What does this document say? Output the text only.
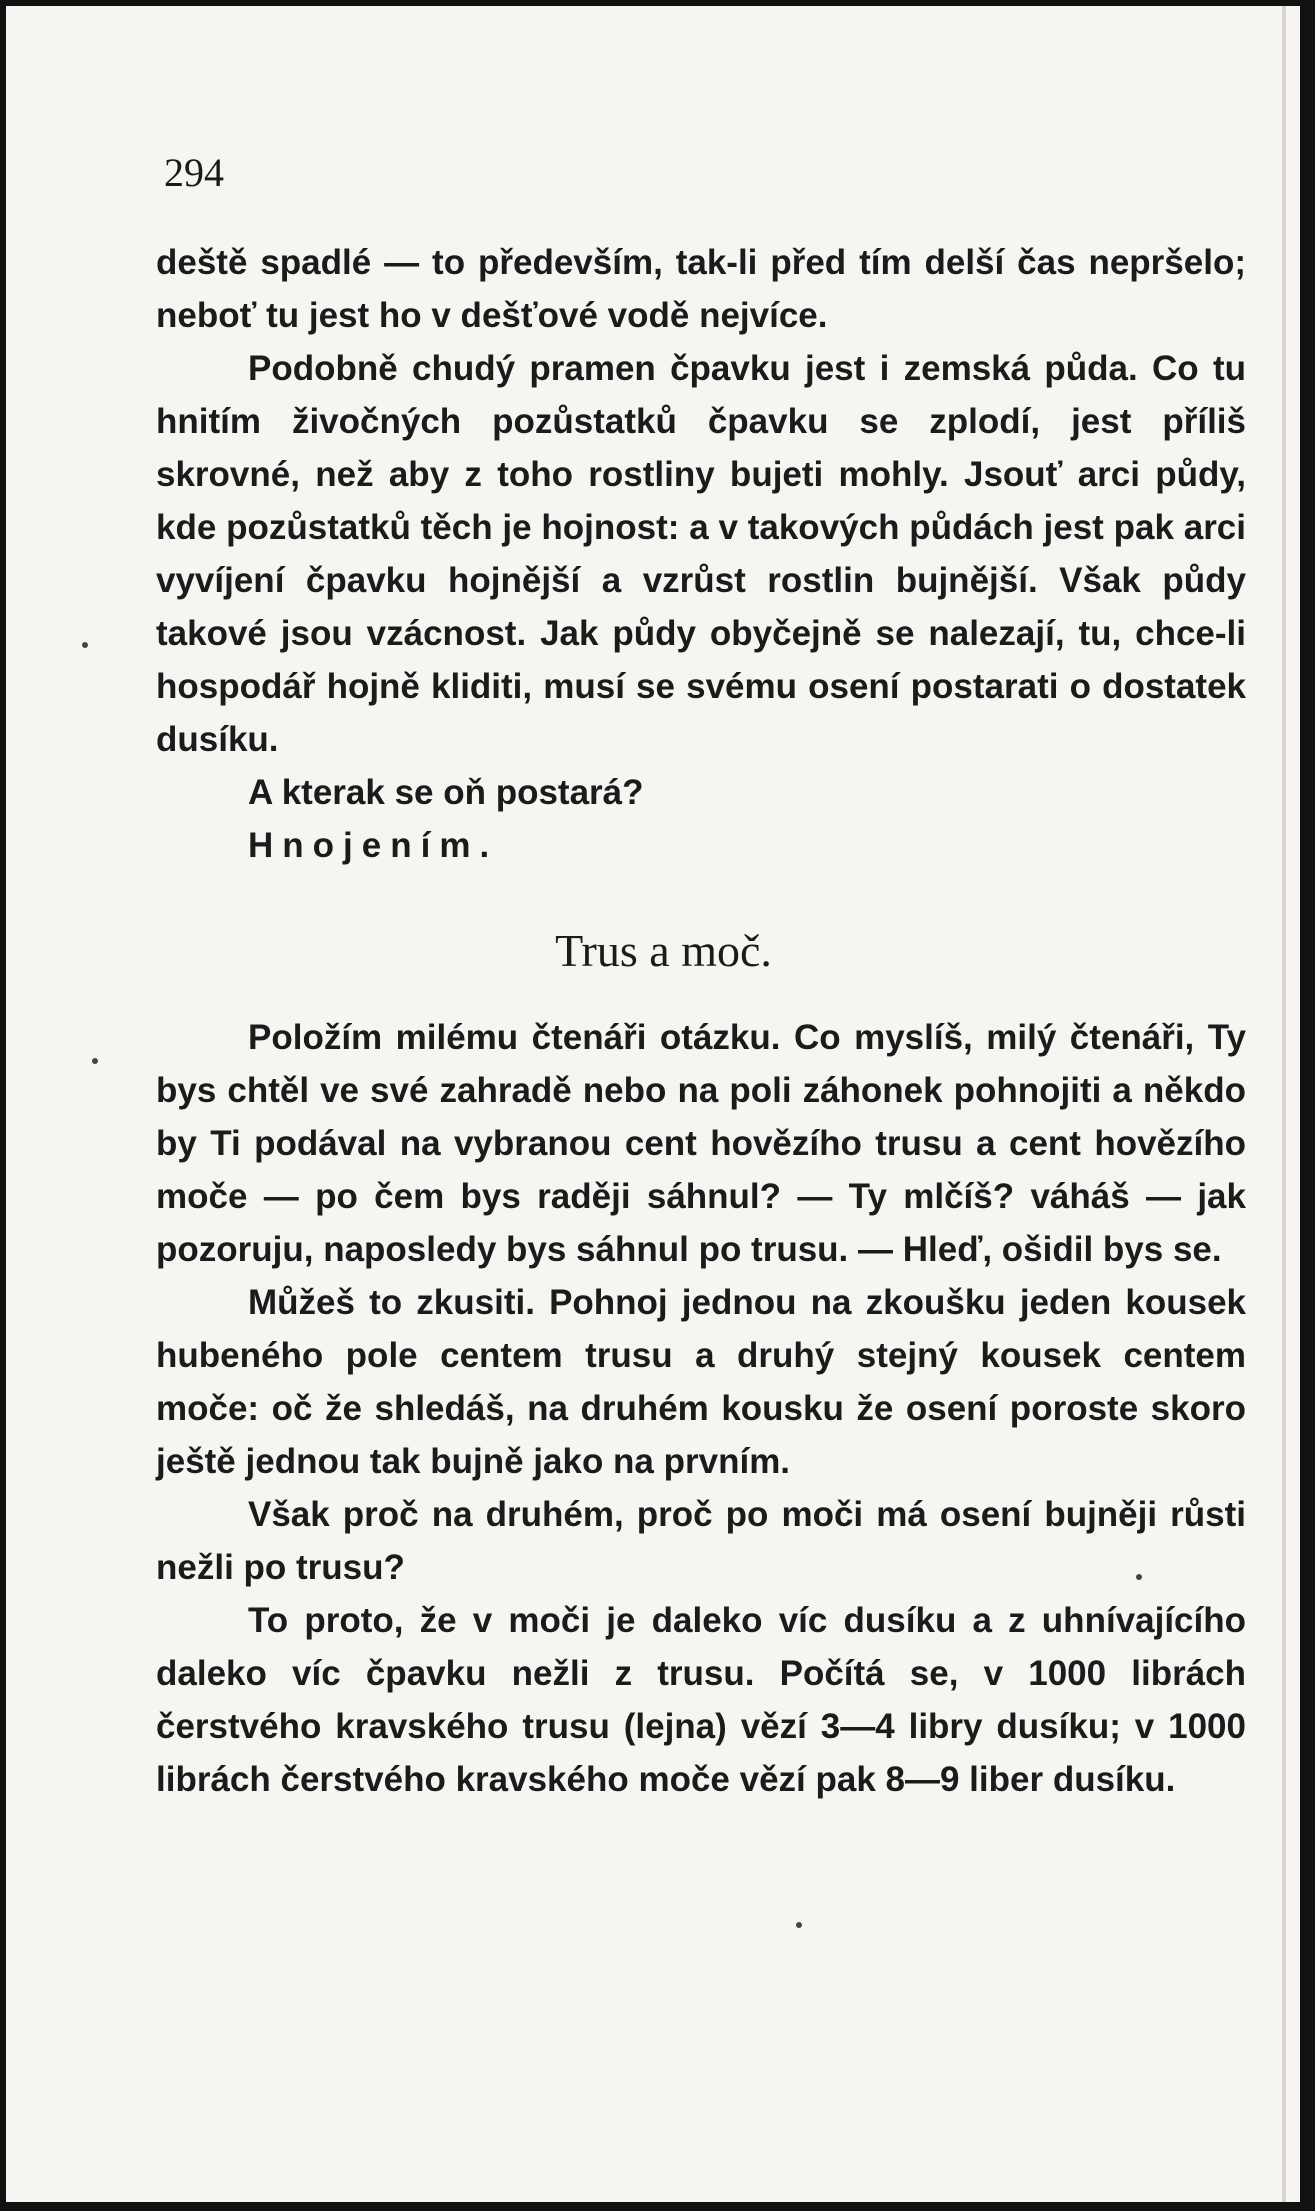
294

deště spadlé — to především, tak-li před tím delší čas nepršelo; neboť tu jest ho v dešťové vodě nejvíce.

Podobně chudý pramen čpavku jest i zemská půda. Co tu hnitím živočných pozůstatků čpavku se zplodí, jest příliš skrovné, než aby z toho rostliny bujeti mohly. Jsouť arci půdy, kde pozůstatků těch je hojnost: a v takových půdách jest pak arci vyvíjení čpavku hojnější a vzrůst rostlin bujnější. Však půdy takové jsou vzácnost. Jak půdy obyčejně se nalezají, tu, chce-li hospodář hojně kliditi, musí se svému osení postarati o dostatek dusíku.

A kterak se oň postará?

Hnojením.

Trus a moč.

Položím milému čtenáři otázku. Co myslíš, milý čtenáři, Ty bys chtěl ve své zahradě nebo na poli záhonek pohnojiti a někdo by Ti podával na vybranou cent hovězího trusu a cent hovězího moče — po čem bys raději sáhnul? — Ty mlčíš? váháš — jak pozoruju, naposledy bys sáhnul po trusu. — Hleď, ošidil bys se.

Můžeš to zkusiti. Pohnoj jednou na zkoušku jeden kousek hubeného pole centem trusu a druhý stejný kousek centem moče: oč že shledáš, na druhém kousku že osení poroste skoro ještě jednou tak bujně jako na prvním.

Však proč na druhém, proč po moči má osení bujněji růsti nežli po trusu?

To proto, že v moči je daleko víc dusíku a z uhnívajícího daleko víc čpavku nežli z trusu. Počítá se, v 1000 librách čerstvého kravského trusu (lejna) vězí 3—4 libry dusíku; v 1000 librách čerstvého kravského moče vězí pak 8—9 liber dusíku.
